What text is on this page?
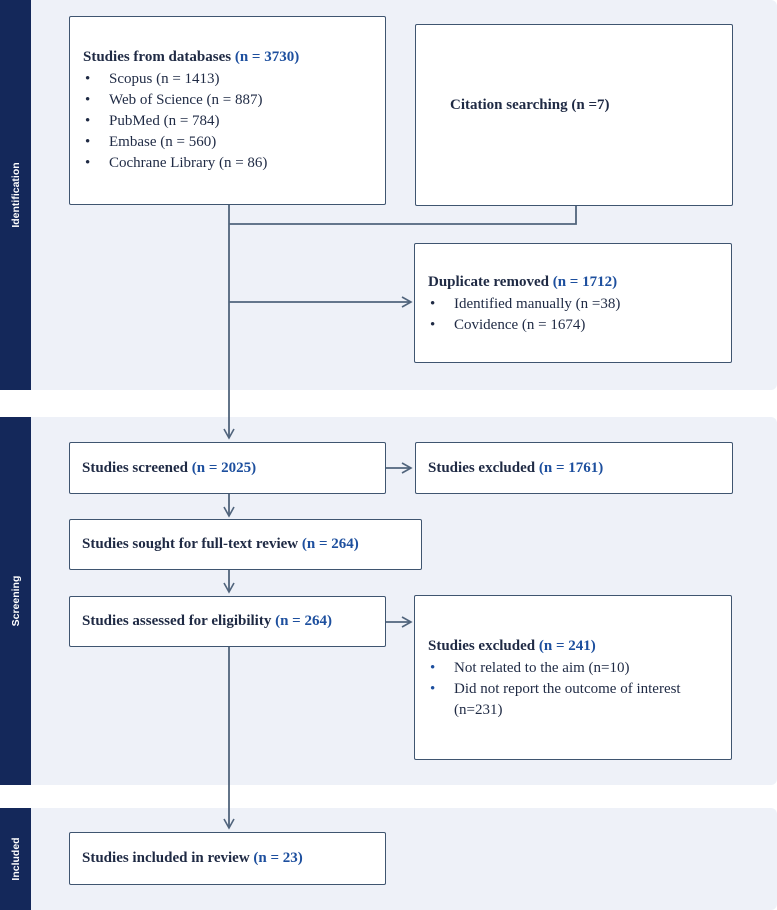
Identification
Screening
Included
Studies from databases (n = 3730)
• Scopus (n = 1413)
• Web of Science (n = 887)
• PubMed (n = 784)
• Embase (n = 560)
• Cochrane Library (n = 86)
Citation searching (n =7)
Duplicate removed (n = 1712)
• Identified manually (n =38)
• Covidence (n = 1674)
Studies screened
(n = 2025)	Studies excluded
(n = 1761)
Studies sought for full-text review
(n = 264)
Studies assessed for eligibility
(n = 264)
Studies excluded (n = 241)
• Not related to the aim (n=10)
• Did not report the outcome of interest (n=231)
Studies included in review
(n = 23)
